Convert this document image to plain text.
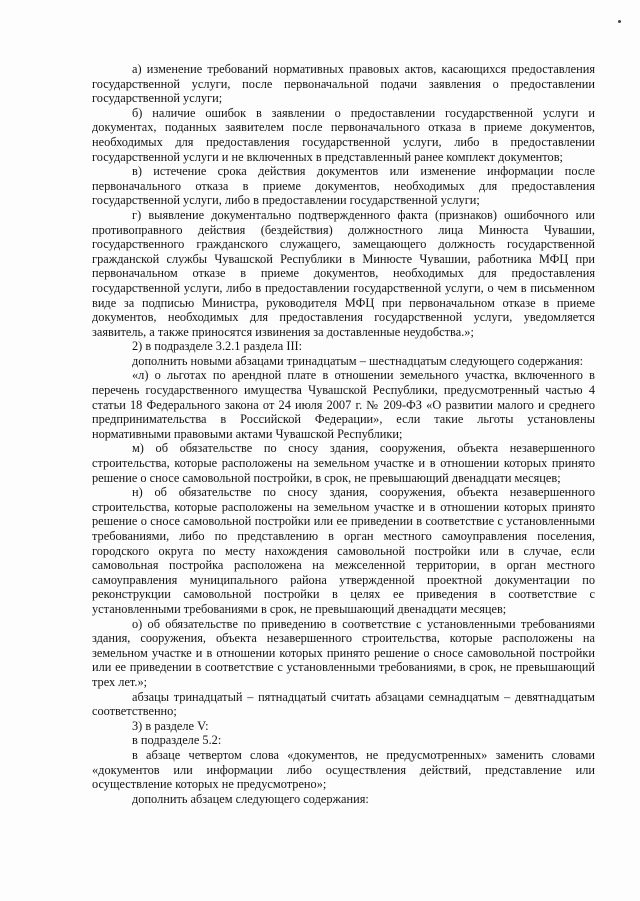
а) изменение требований нормативных правовых актов, касающихся предоставления государственной услуги, после первоначальной подачи заявления о предоставлении государственной услуги;

б) наличие ошибок в заявлении о предоставлении государственной услуги и документах, поданных заявителем после первоначального отказа в приеме документов, необходимых для предоставления государственной услуги, либо в предоставлении государственной услуги и не включенных в представленный ранее комплект документов;

в) истечение срока действия документов или изменение информации после первоначального отказа в приеме документов, необходимых для предоставления государственной услуги, либо в предоставлении государственной услуги;

г) выявление документально подтвержденного факта (признаков) ошибочного или противоправного действия (бездействия) должностного лица Минюста Чувашии, государственного гражданского служащего, замещающего должность государственной гражданской службы Чувашской Республики в Минюсте Чувашии, работника МФЦ при первоначальном отказе в приеме документов, необходимых для предоставления государственной услуги, либо в предоставлении государственной услуги, о чем в письменном виде за подписью Министра, руководителя МФЦ при первоначальном отказе в приеме документов, необходимых для предоставления государственной услуги, уведомляется заявитель, а также приносятся извинения за доставленные неудобства.»;

2) в подразделе 3.2.1 раздела III:

дополнить новыми абзацами тринадцатым – шестнадцатым следующего содержания:

«л) о льготах по арендной плате в отношении земельного участка, включенного в перечень государственного имущества Чувашской Республики, предусмотренный частью 4 статьи 18 Федерального закона от 24 июля 2007 г. № 209-ФЗ «О развитии малого и среднего предпринимательства в Российской Федерации», если такие льготы установлены нормативными правовыми актами Чувашской Республики;

м) об обязательстве по сносу здания, сооружения, объекта незавершенного строительства, которые расположены на земельном участке и в отношении которых принято решение о сносе самовольной постройки, в срок, не превышающий двенадцати месяцев;

н) об обязательстве по сносу здания, сооружения, объекта незавершенного строительства, которые расположены на земельном участке и в отношении которых принято решение о сносе самовольной постройки или ее приведении в соответствие с установленными требованиями, либо по представлению в орган местного самоуправления поселения, городского округа по месту нахождения самовольной постройки или в случае, если самовольная постройка расположена на межселенной территории, в орган местного самоуправления муниципального района утвержденной проектной документации по реконструкции самовольной постройки в целях ее приведения в соответствие с установленными требованиями в срок, не превышающий двенадцати месяцев;

о) об обязательстве по приведению в соответствие с установленными требованиями здания, сооружения, объекта незавершенного строительства, которые расположены на земельном участке и в отношении которых принято решение о сносе самовольной постройки или ее приведении в соответствие с установленными требованиями, в срок, не превышающий трех лет.»;

абзацы тринадцатый – пятнадцатый считать абзацами семнадцатым – девятнадцатым соответственно;

3) в разделе V:

в подразделе 5.2:

в абзаце четвертом слова «документов, не предусмотренных» заменить словами «документов или информации либо осуществления действий, представление или осуществление которых не предусмотрено»;

дополнить абзацем следующего содержания:
